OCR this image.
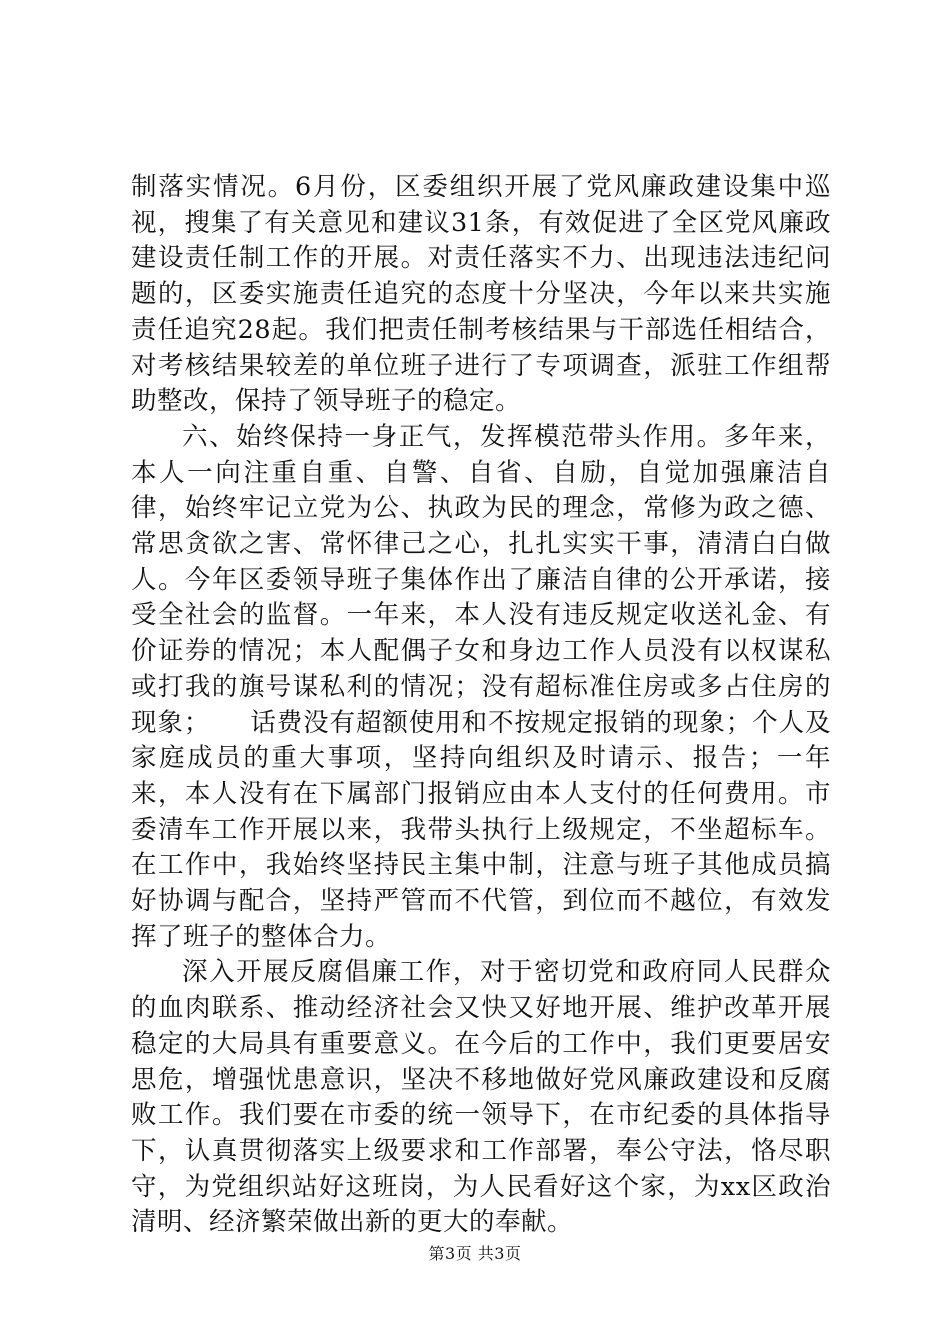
制落实情况。6月份，区委组织开展了党风廉政建设集中巡视，搜集了有关意见和建议31条，有效促进了全区党风廉政建设责任制工作的开展。对责任落实不力、出现违法违纪问题的，区委实施责任追究的态度十分坚决，今年以来共实施责任追究28起。我们把责任制考核结果与干部选任相结合，对考核结果较差的单位班子进行了专项调查，派驻工作组帮助整改，保持了领导班子的稳定。

六、始终保持一身正气，发挥模范带头作用。多年来，本人一向注重自重、自警、自省、自励，自觉加强廉洁自律，始终牢记立党为公、执政为民的理念，常修为政之德、常思贪欲之害、常怀律己之心，扎扎实实干事，清清白白做人。今年区委领导班子集体作出了廉洁自律的公开承诺，接受全社会的监督。一年来，本人没有违反规定收送礼金、有价证券的情况；本人配偶子女和身边工作人员没有以权谋私或打我的旗号谋私利的情况；没有超标准住房或多占住房的现象；　　话费没有超额使用和不按规定报销的现象；个人及家庭成员的重大事项，坚持向组织及时请示、报告；一年来，本人没有在下属部门报销应由本人支付的任何费用。市委清车工作开展以来，我带头执行上级规定，不坐超标车。在工作中，我始终坚持民主集中制，注意与班子其他成员搞好协调与配合，坚持严管而不代管，到位而不越位，有效发挥了班子的整体合力。

深入开展反腐倡廉工作，对于密切党和政府同人民群众的血肉联系、推动经济社会又快又好地开展、维护改革开展稳定的大局具有重要意义。在今后的工作中，我们更要居安思危，增强忧患意识，坚决不移地做好党风廉政建设和反腐败工作。我们要在市委的统一领导下，在市纪委的具体指导下，认真贯彻落实上级要求和工作部署，奉公守法，恪尽职守，为党组织站好这班岗，为人民看好这个家，为xx区政治清明、经济繁荣做出新的更大的奉献。

第3页 共3页
